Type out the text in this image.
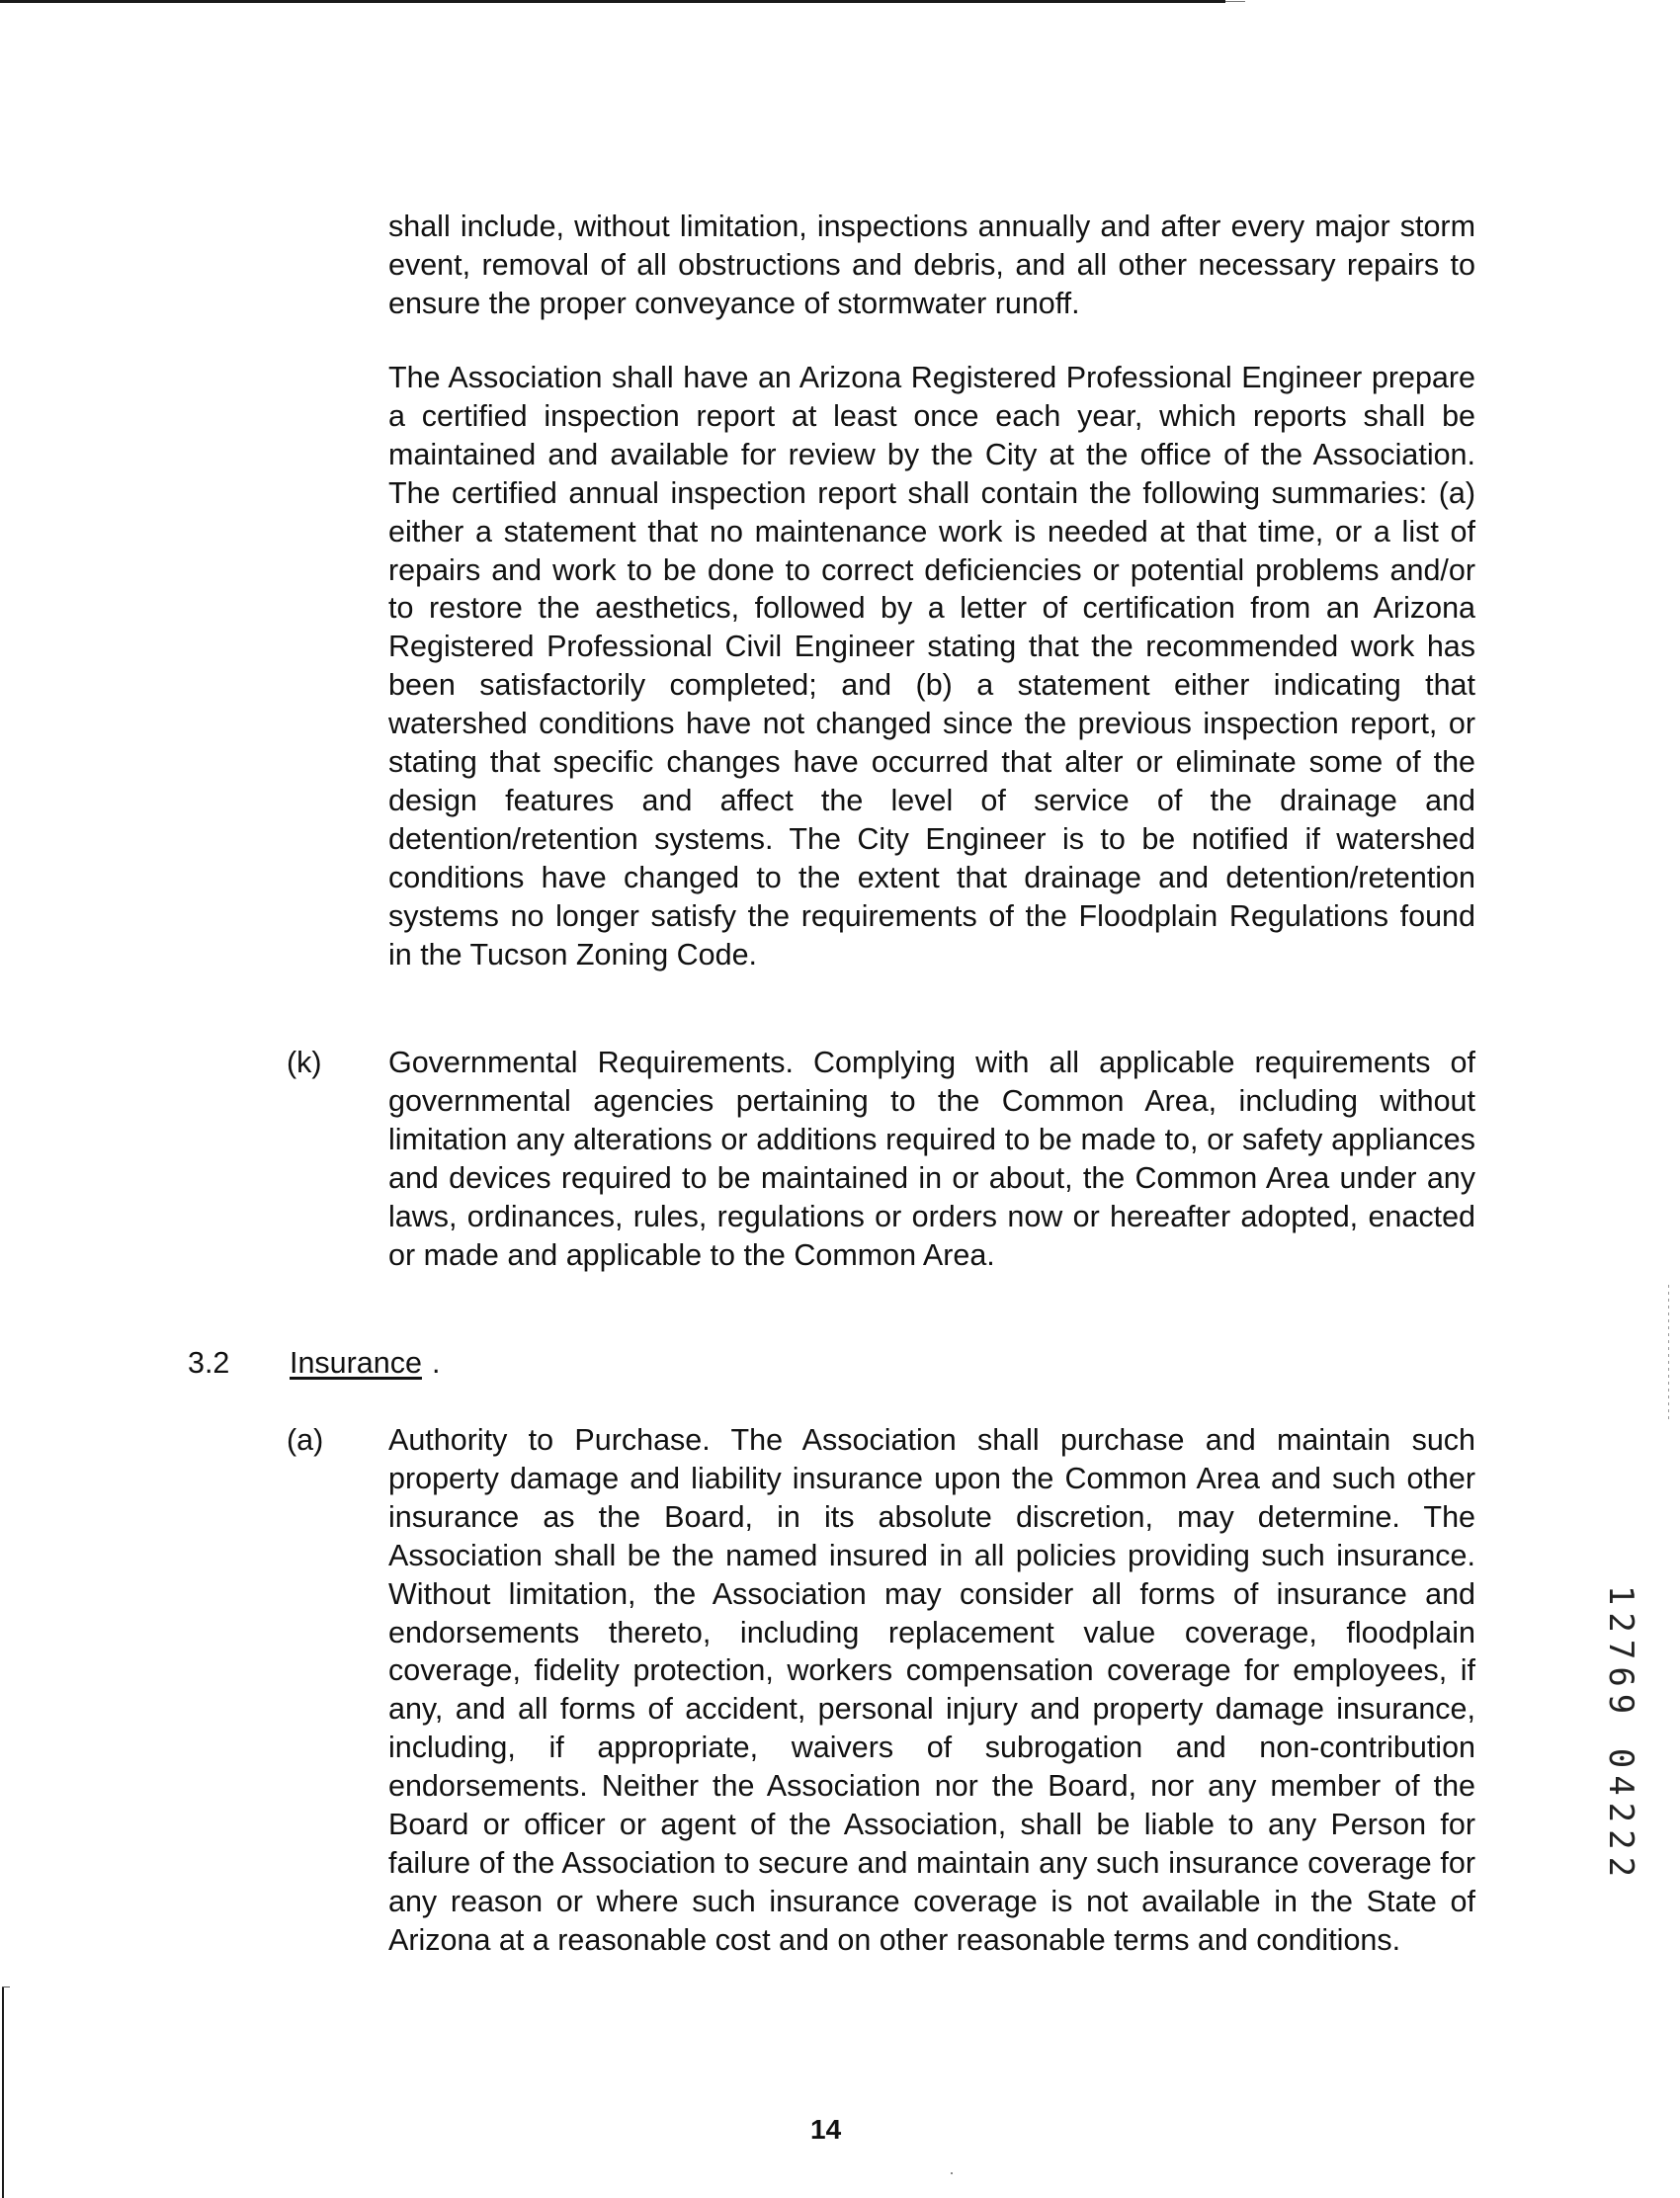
shall include, without limitation, inspections annually and after every major storm event, removal of all obstructions and debris, and all other necessary repairs to ensure the proper conveyance of stormwater runoff.

The Association shall have an Arizona Registered Professional Engineer prepare a certified inspection report at least once each year, which reports shall be maintained and available for review by the City at the office of the Association. The certified annual inspection report shall contain the following summaries: (a) either a statement that no maintenance work is needed at that time, or a list of repairs and work to be done to correct deficiencies or potential problems and/or to restore the aesthetics, followed by a letter of certification from an Arizona Registered Professional Civil Engineer stating that the recommended work has been satisfactorily completed; and (b) a statement either indicating that watershed conditions have not changed since the previous inspection report, or stating that specific changes have occurred that alter or eliminate some of the design features and affect the level of service of the drainage and detention/retention systems. The City Engineer is to be notified if watershed conditions have changed to the extent that drainage and detention/retention systems no longer satisfy the requirements of the Floodplain Regulations found in the Tucson Zoning Code.

(k) Governmental Requirements. Complying with all applicable requirements of governmental agencies pertaining to the Common Area, including without limitation any alterations or additions required to be made to, or safety appliances and devices required to be maintained in or about, the Common Area under any laws, ordinances, rules, regulations or orders now or hereafter adopted, enacted or made and applicable to the Common Area.

3.2 Insurance .
(a) Authority to Purchase. The Association shall purchase and maintain such property damage and liability insurance upon the Common Area and such other insurance as the Board, in its absolute discretion, may determine. The Association shall be the named insured in all policies providing such insurance. Without limitation, the Association may consider all forms of insurance and endorsements thereto, including replacement value coverage, floodplain coverage, fidelity protection, workers compensation coverage for employees, if any, and all forms of accident, personal injury and property damage insurance, including, if appropriate, waivers of subrogation and non-contribution endorsements. Neither the Association nor the Board, nor any member of the Board or officer or agent of the Association, shall be liable to any Person for failure of the Association to secure and maintain any such insurance coverage for any reason or where such insurance coverage is not available in the State of Arizona at a reasonable cost and on other reasonable terms and conditions.

12769 04222
14
